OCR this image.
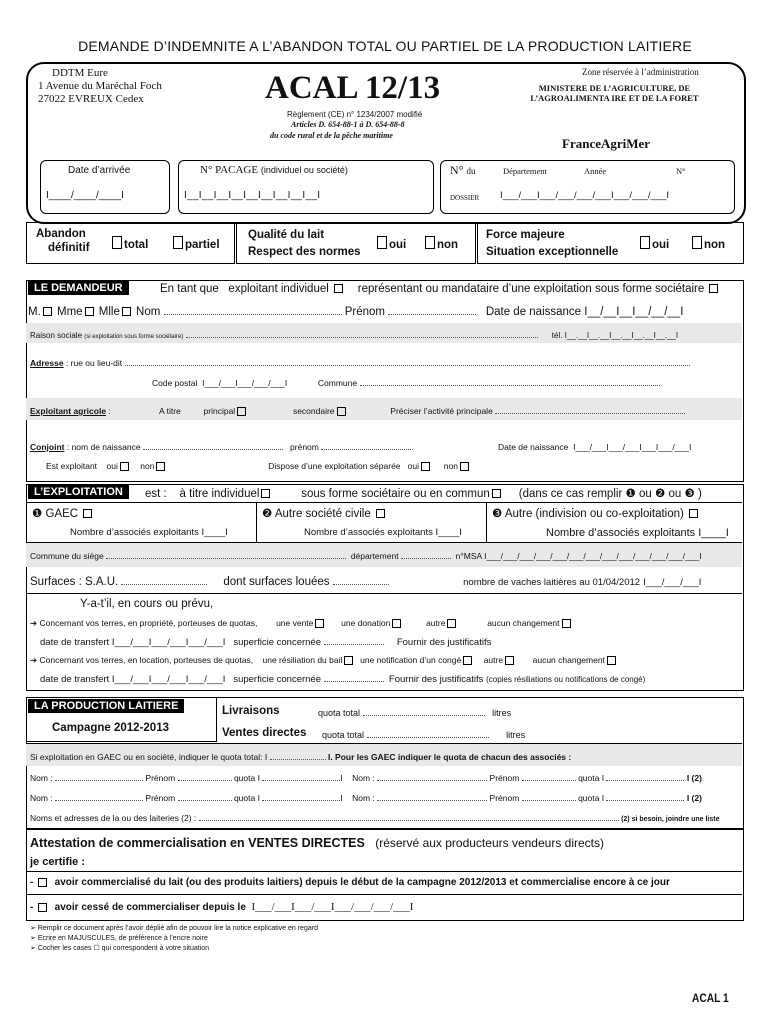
DEMANDE D’INDEMNITE A L’ABANDON TOTAL OU PARTIEL DE LA PRODUCTION LAITIERE
DDTM Eure
1 Avenue du Maréchal Foch
27022 EVREUX Cedex	ACAL 12/13
Règlement (CE) n° 1234/2007 modifié
Articles D. 654-88-1 à D. 654-88-8
du code rural et de la pêche maritime
Zone réservée à l’administration
MINISTERE DE L’AGRICULTURE, DE L’AGROALIMENTA IRE ET DE LA FORET
FranceAgriMer
Date d’arrivée
I____/____/____I
N° PACAGE (individuel ou société)
I__I__I__I__I__I__I__I__I__I
N° du	Département	Année	N°
DOSSIER I___/___I___/___/___/___I___/___/___I
Abandon
définitif	total	partiel
Qualité du lait
Respect des normes
oui	non
Force majeure
Situation exceptionnelle
oui	non
LE DEMANDEUR	En tant que exploitant individuel	représentant ou mandataire d’une exploitation sous forme sociétaire
M. Mme Mlle Nom	Prénom	Date de naissance I__/__I__I__/__/__I
Raison sociale (si exploitation sous forme sociétaire)	tél. I__.__I__.__I__.__I__.__I__.__I
Adresse : rue ou lieu-dit
Code postal I___/___I___/___/___I	Commune
Exploitant agricole :	A titre	principal	secondaire	Préciser l’activité principale
Conjoint : nom de naissance	prénom	Date de naissance I___/___I___/___I___I___/___I
Est exploitant oui	non	Dispose d’une exploitation séparée oui	non
L’EXPLOITATION	est : à titre individuel	sous forme sociétaire ou en commun	(dans ce cas remplir ❶ ou ❷ ou ❸ )
❶ GAEC
Nombre d’associés exploitants I____I
❷ Autre société civile
Nombre d’associés exploitants I____I
❸ Autre (indivision ou co-exploitation)
Nombre d’associés exploitants I____I
Commune du siège	département	n°MSA I___/___/___/___/___/___/___/___/___/___/___/___/___I
Surfaces : S.A.U.	dont surfaces louées	nombre de vaches laitières au 01/04/2012 I___/___/___I
Y-a-t’il, en cours ou prévu,
➔ Concernant vos terres, en propriété, porteuses de quotas, une vente	une donation	autre	aucun changement
date de transfert I___/___I___/___I___/___I superficie concernée	Fournir des justificatifs
➔ Concernant vos terres, en location, porteuses de quotas, une résiliation du bail une notification d’un congé	autre	aucun changement
date de transfert I___/___I___/___I___/___I superficie concernée	Fournir des justificatifs (copies résiliations ou notifications de congé)
LA PRODUCTION LAITIERE
Campagne 2012-2013
Livraisons	quota total	litres
Ventes directes quota total	litres
Si exploitation en GAEC ou en société, indiquer le quota total: I	I. Pour les GAEC indiquer le quota de chacun des associés :
Nom :	Prénom	quota I	I    Nom :	Prénom	quota I	I (2)
Nom :	Prénom	quota I	I    Nom :	Prénom	quota I	I (2)
Noms et adresses de la ou des laiteries (2) :	(2) si besoin, joindre une liste
Attestation de commercialisation en VENTES DIRECTES (réservé aux producteurs vendeurs directs)
je certifie :
-   avoir commercialisé du lait (ou des produits laitiers) depuis le début de la campagne 2012/2013 et commercialise encore à ce jour
-   avoir cessé de commercialiser depuis le I___/___I___/___I___/___/___/___I
➢ Remplir ce document après l’avoir déplié afin de pouvoir lire la notice explicative en regard
➢ Ecrire en MAJUSCULES, de préférence à l’encre noire
➢ Cocher les cases ☐ qui correspondent à votre situation
ACAL 1
